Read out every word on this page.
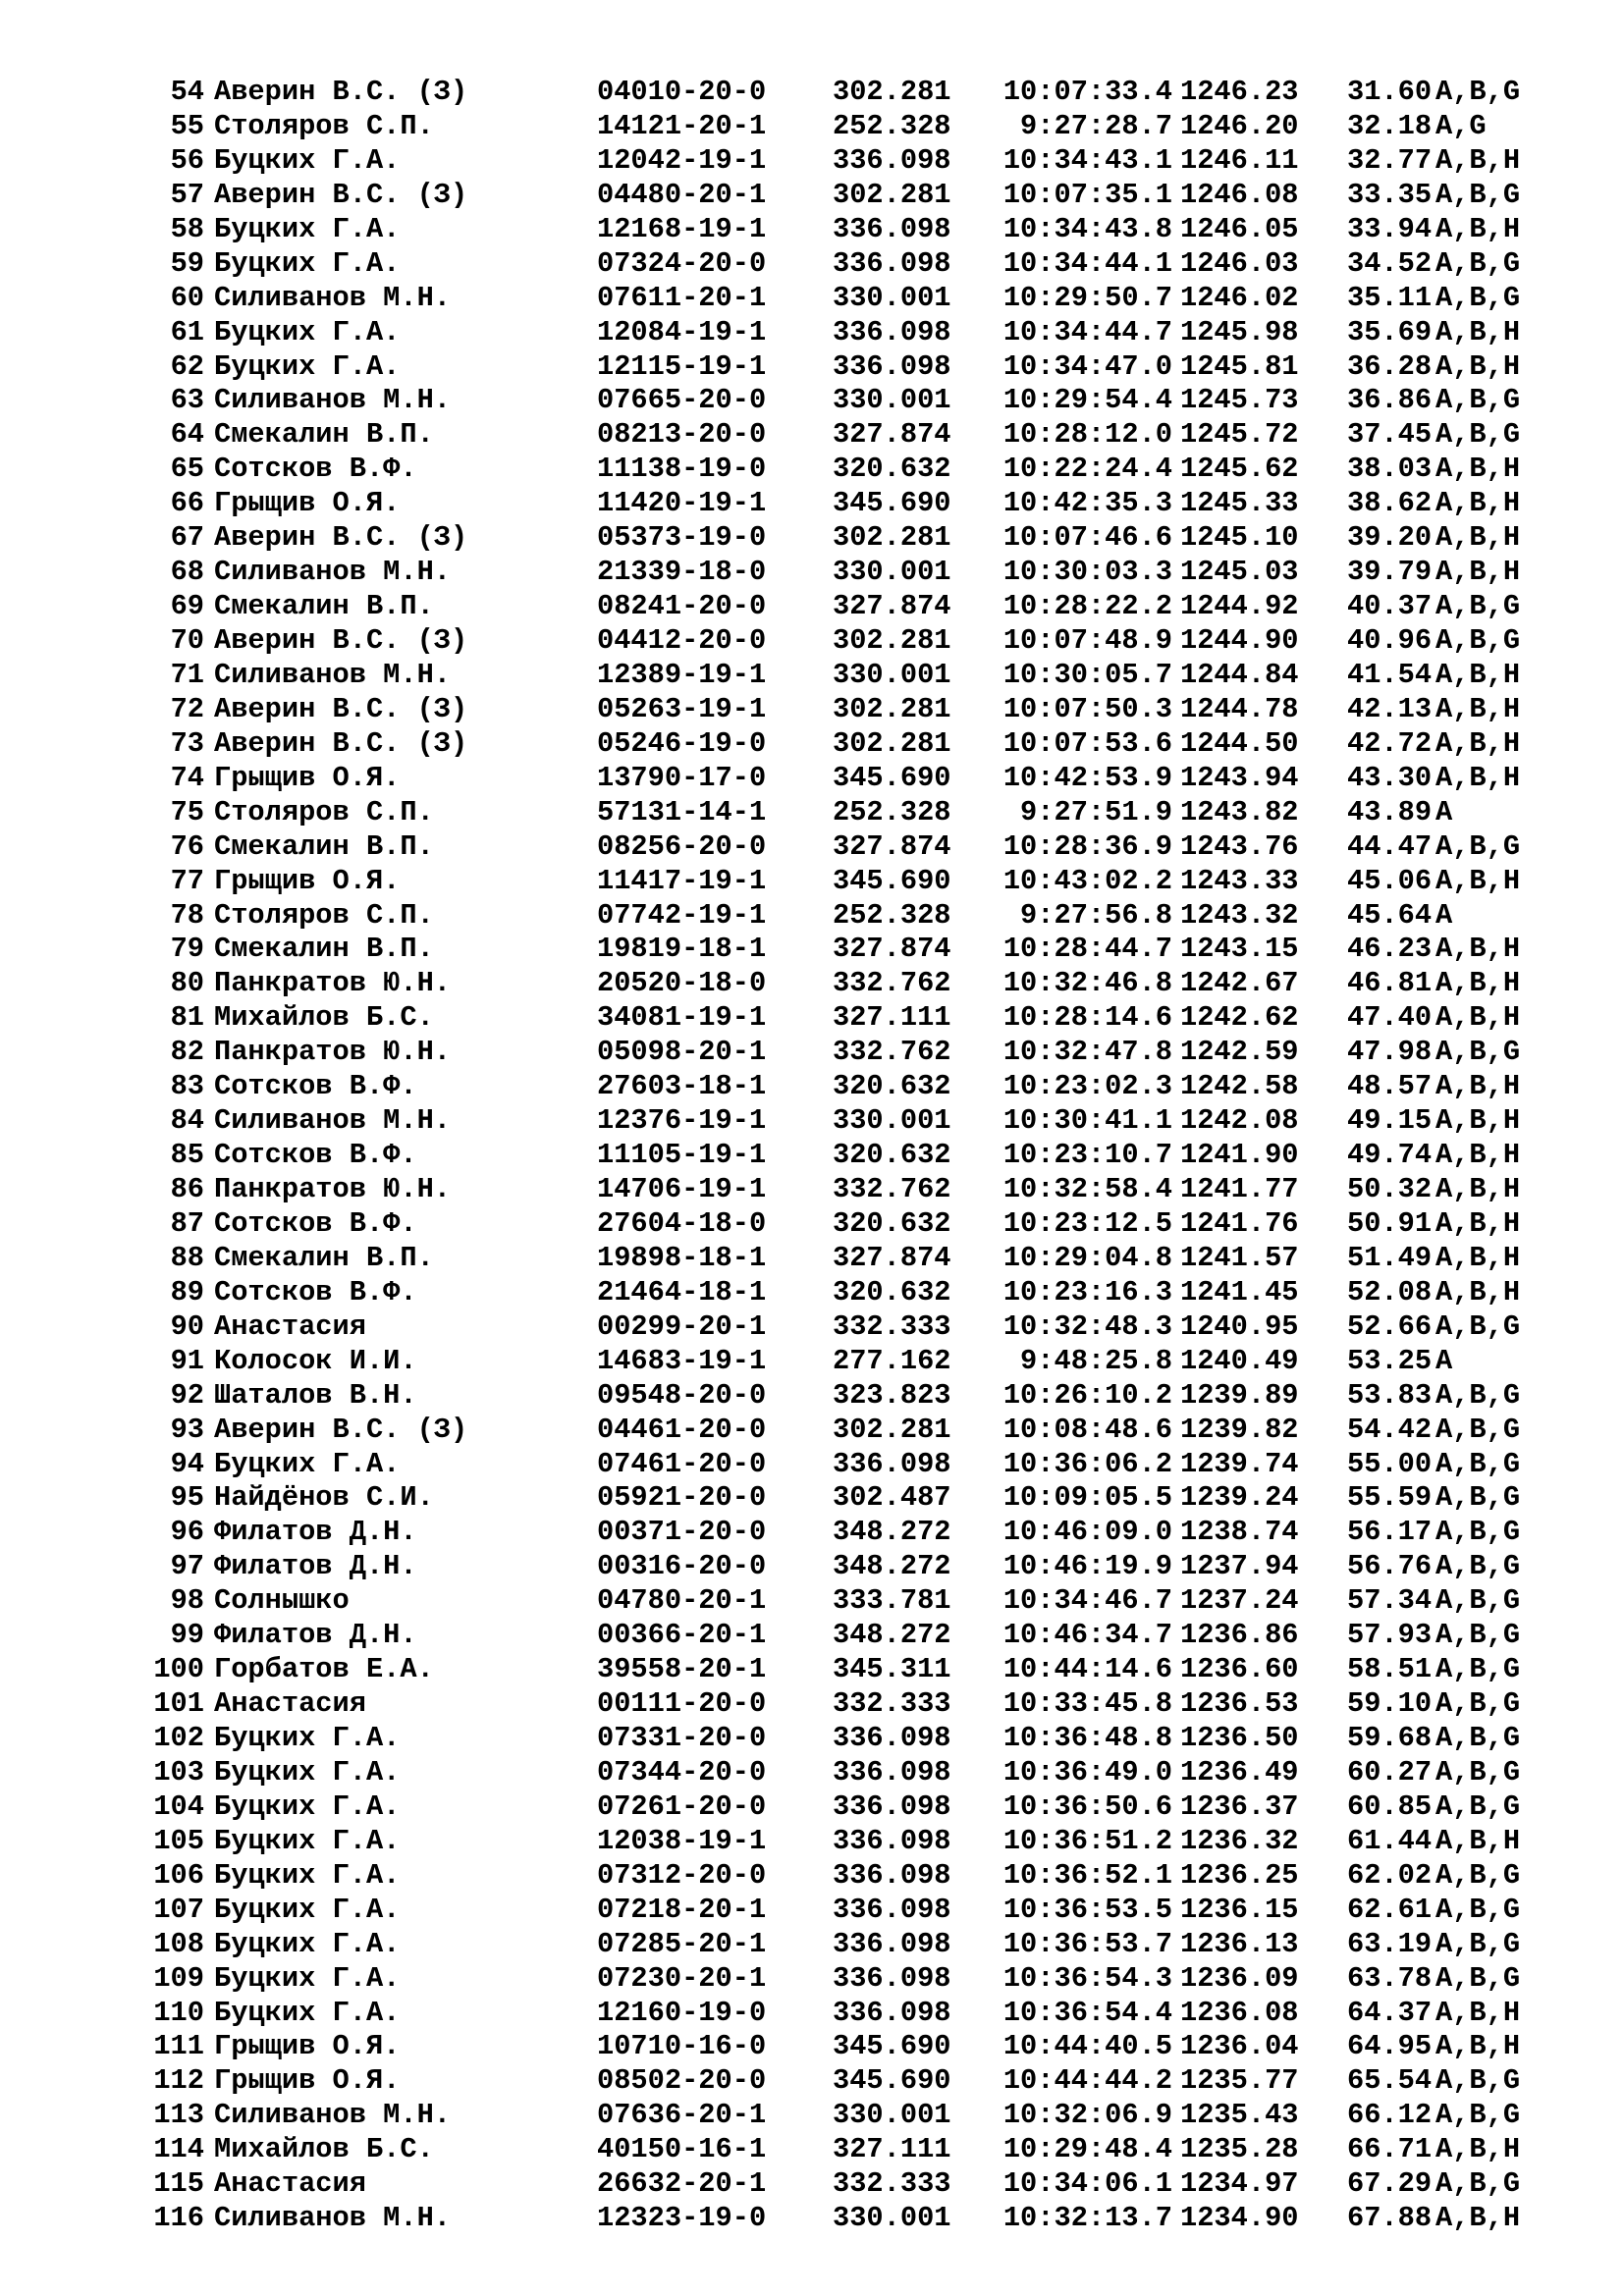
54 Аверин В.С. (З)	04010-20-0 302.281 10:07:33.4 1246.23 31.60 A,B,G
55 Столяров С.П.	14121-20-1 252.328 9:27:28.7 1246.20 32.18 A,G
56 Буцких Г.А.	12042-19-1 336.098 10:34:43.1 1246.11 32.77 A,B,H
57 Аверин В.С. (З)	04480-20-1 302.281 10:07:35.1 1246.08 33.35 A,B,G
58 Буцких Г.А.	12168-19-1 336.098 10:34:43.8 1246.05 33.94 A,B,H
59 Буцких Г.А.	07324-20-0 336.098 10:34:44.1 1246.03 34.52 A,B,G
60 Силиванов М.Н.	07611-20-1 330.001 10:29:50.7 1246.02 35.11 A,B,G
61 Буцких Г.А.	12084-19-1 336.098 10:34:44.7 1245.98 35.69 A,B,H
62 Буцких Г.А.	12115-19-1 336.098 10:34:47.0 1245.81 36.28 A,B,H
63 Силиванов М.Н.	07665-20-0 330.001 10:29:54.4 1245.73 36.86 A,B,G
64 Смекалин В.П.	08213-20-0 327.874 10:28:12.0 1245.72 37.45 A,B,G
65 Сотсков В.Ф.	11138-19-0 320.632 10:22:24.4 1245.62 38.03 A,B,H
66 Грыщив О.Я.	11420-19-1 345.690 10:42:35.3 1245.33 38.62 A,B,H
67 Аверин В.С. (З)	05373-19-0 302.281 10:07:46.6 1245.10 39.20 A,B,H
68 Силиванов М.Н.	21339-18-0 330.001 10:30:03.3 1245.03 39.79 A,B,H
69 Смекалин В.П.	08241-20-0 327.874 10:28:22.2 1244.92 40.37 A,B,G
70 Аверин В.С. (З)	04412-20-0 302.281 10:07:48.9 1244.90 40.96 A,B,G
71 Силиванов М.Н.	12389-19-1 330.001 10:30:05.7 1244.84 41.54 A,B,H
72 Аверин В.С. (З)	05263-19-1 302.281 10:07:50.3 1244.78 42.13 A,B,H
73 Аверин В.С. (З)	05246-19-0 302.281 10:07:53.6 1244.50 42.72 A,B,H
74 Грыщив О.Я.	13790-17-0 345.690 10:42:53.9 1243.94 43.30 A,B,H
75 Столяров С.П.	57131-14-1 252.328 9:27:51.9 1243.82 43.89 A
76 Смекалин В.П.	08256-20-0 327.874 10:28:36.9 1243.76 44.47 A,B,G
77 Грыщив О.Я.	11417-19-1 345.690 10:43:02.2 1243.33 45.06 A,B,H
78 Столяров С.П.	07742-19-1 252.328 9:27:56.8 1243.32 45.64 A
79 Смекалин В.П.	19819-18-1 327.874 10:28:44.7 1243.15 46.23 A,B,H
80 Панкратов Ю.Н.	20520-18-0 332.762 10:32:46.8 1242.67 46.81 A,B,H
81 Михайлов Б.С.	34081-19-1 327.111 10:28:14.6 1242.62 47.40 A,B,H
82 Панкратов Ю.Н.	05098-20-1 332.762 10:32:47.8 1242.59 47.98 A,B,G
83 Сотсков В.Ф.	27603-18-1 320.632 10:23:02.3 1242.58 48.57 A,B,H
84 Силиванов М.Н.	12376-19-1 330.001 10:30:41.1 1242.08 49.15 A,B,H
85 Сотсков В.Ф.	11105-19-1 320.632 10:23:10.7 1241.90 49.74 A,B,H
86 Панкратов Ю.Н.	14706-19-1 332.762 10:32:58.4 1241.77 50.32 A,B,H
87 Сотсков В.Ф.	27604-18-0 320.632 10:23:12.5 1241.76 50.91 A,B,H
88 Смекалин В.П.	19898-18-1 327.874 10:29:04.8 1241.57 51.49 A,B,H
89 Сотсков В.Ф.	21464-18-1 320.632 10:23:16.3 1241.45 52.08 A,B,H
90 Анастасия	00299-20-1 332.333 10:32:48.3 1240.95 52.66 A,B,G
91 Колосок И.И.	14683-19-1 277.162 9:48:25.8 1240.49 53.25 A
92 Шаталов В.Н.	09548-20-0 323.823 10:26:10.2 1239.89 53.83 A,B,G
93 Аверин В.С. (З)	04461-20-0 302.281 10:08:48.6 1239.82 54.42 A,B,G
94 Буцких Г.А.	07461-20-0 336.098 10:36:06.2 1239.74 55.00 A,B,G
95 Найдёнов С.И.	05921-20-0 302.487 10:09:05.5 1239.24 55.59 A,B,G
96 Филатов Д.Н.	00371-20-0 348.272 10:46:09.0 1238.74 56.17 A,B,G
97 Филатов Д.Н.	00316-20-0 348.272 10:46:19.9 1237.94 56.76 A,B,G
98 Солнышко	04780-20-1 333.781 10:34:46.7 1237.24 57.34 A,B,G
99 Филатов Д.Н.	00366-20-1 348.272 10:46:34.7 1236.86 57.93 A,B,G
100 Горбатов Е.А.	39558-20-1 345.311 10:44:14.6 1236.60 58.51 A,B,G
101 Анастасия	00111-20-0 332.333 10:33:45.8 1236.53 59.10 A,B,G
102 Буцких Г.А.	07331-20-0 336.098 10:36:48.8 1236.50 59.68 A,B,G
103 Буцких Г.А.	07344-20-0 336.098 10:36:49.0 1236.49 60.27 A,B,G
104 Буцких Г.А.	07261-20-0 336.098 10:36:50.6 1236.37 60.85 A,B,G
105 Буцких Г.А.	12038-19-1 336.098 10:36:51.2 1236.32 61.44 A,B,H
106 Буцких Г.А.	07312-20-0 336.098 10:36:52.1 1236.25 62.02 A,B,G
107 Буцких Г.А.	07218-20-1 336.098 10:36:53.5 1236.15 62.61 A,B,G
108 Буцких Г.А.	07285-20-1 336.098 10:36:53.7 1236.13 63.19 A,B,G
109 Буцких Г.А.	07230-20-1 336.098 10:36:54.3 1236.09 63.78 A,B,G
110 Буцких Г.А.	12160-19-0 336.098 10:36:54.4 1236.08 64.37 A,B,H
111 Грыщив О.Я.	10710-16-0 345.690 10:44:40.5 1236.04 64.95 A,B,H
112 Грыщив О.Я.	08502-20-0 345.690 10:44:44.2 1235.77 65.54 A,B,G
113 Силиванов М.Н.	07636-20-1 330.001 10:32:06.9 1235.43 66.12 A,B,G
114 Михайлов Б.С.	40150-16-1 327.111 10:29:48.4 1235.28 66.71 A,B,H
115 Анастасия	26632-20-1 332.333 10:34:06.1 1234.97 67.29 A,B,G
116 Силиванов М.Н.	12323-19-0 330.001 10:32:13.7 1234.90 67.88 A,B,H
